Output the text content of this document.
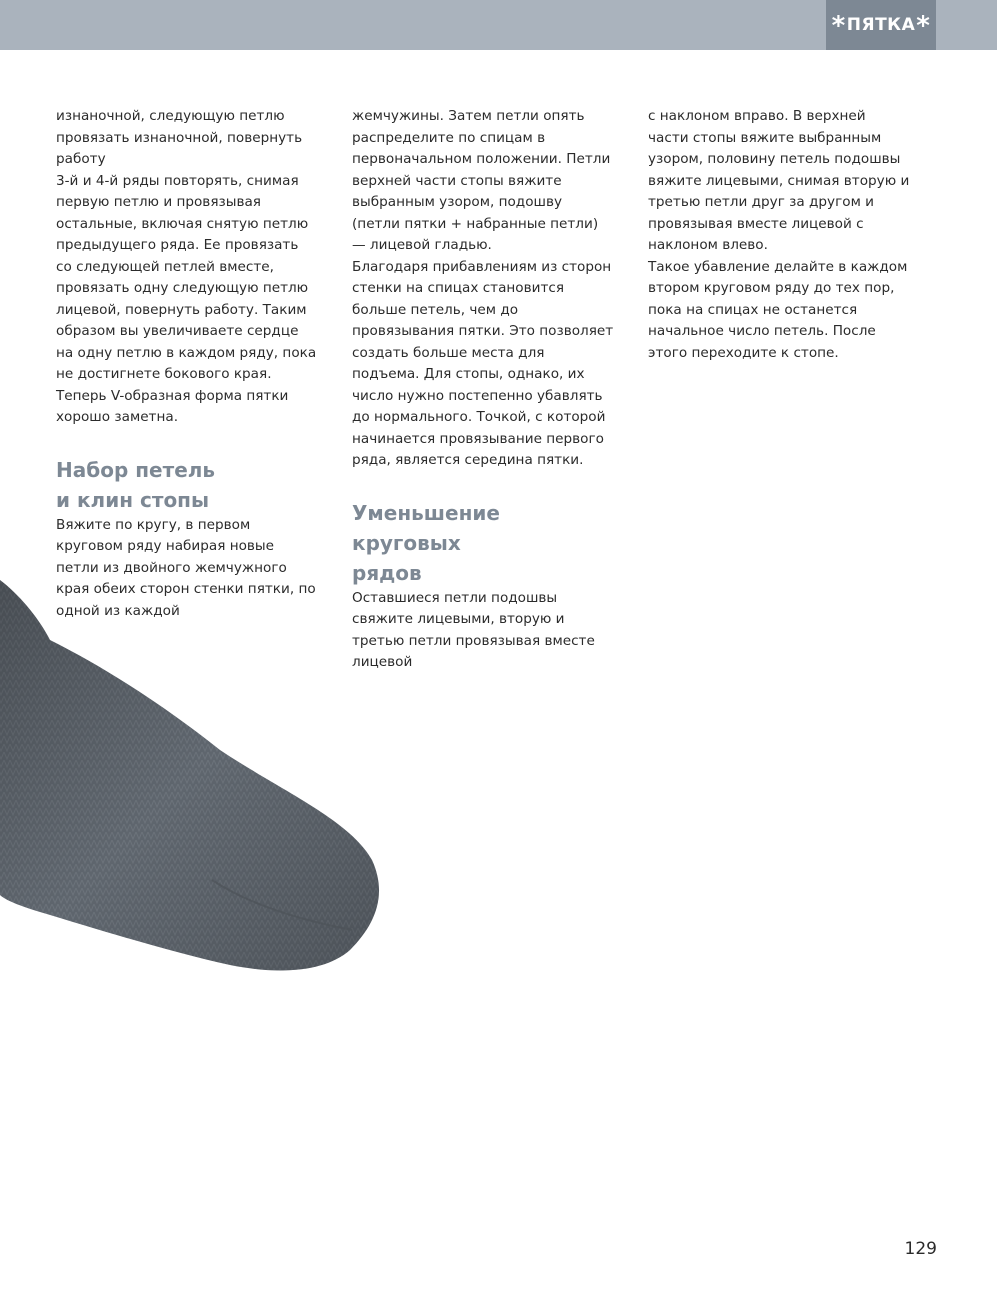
* ПЯТКА *

изнаночной, следующую петлю провязать изнаночной, повернуть работу

3-й и 4-й ряды повторять, снимая первую петлю и провязывая остальные, включая снятую петлю предыдущего ряда. Ее провязать со следующей петлей вместе, провязать одну следующую петлю лицевой, повернуть работу. Таким образом вы увеличиваете сердце на одну петлю в каждом ряду, пока не достигнете бокового края. Теперь V-образная форма пятки хорошо заметна.

Набор петель
и клин стопы

Вяжите по кругу, в первом круговом ряду набирая новые петли из двойного жемчужного края обеих сторон стенки пятки, по одной из каждой

жемчужины. Затем петли опять распределите по спицам в первоначальном положении. Петли верхней части стопы вяжите выбранным узором, подошву (петли пятки + набранные петли) — лицевой гладью.

Благодаря прибавлениям из сторон стенки на спицах становится больше петель, чем до провязывания пятки. Это позволяет создать больше места для подъема. Для стопы, однако, их число нужно постепенно убавлять до нормального. Точкой, с которой начинается провязывание первого ряда, является середина пятки.

Уменьшение круговых
рядов

Оставшиеся петли подошвы свяжите лицевыми, вторую и третью петли провязывая вместе лицевой

с наклоном вправо. В верхней части стопы вяжите выбранным узором, половину петель подошвы вяжите лицевыми, снимая вторую и третью петли друг за другом и провязывая вместе лицевой с наклоном влево.

Такое убавление делайте в каждом втором круговом ряду до тех пор, пока на спицах не останется начальное число петель. После этого переходите к стопе.

129
